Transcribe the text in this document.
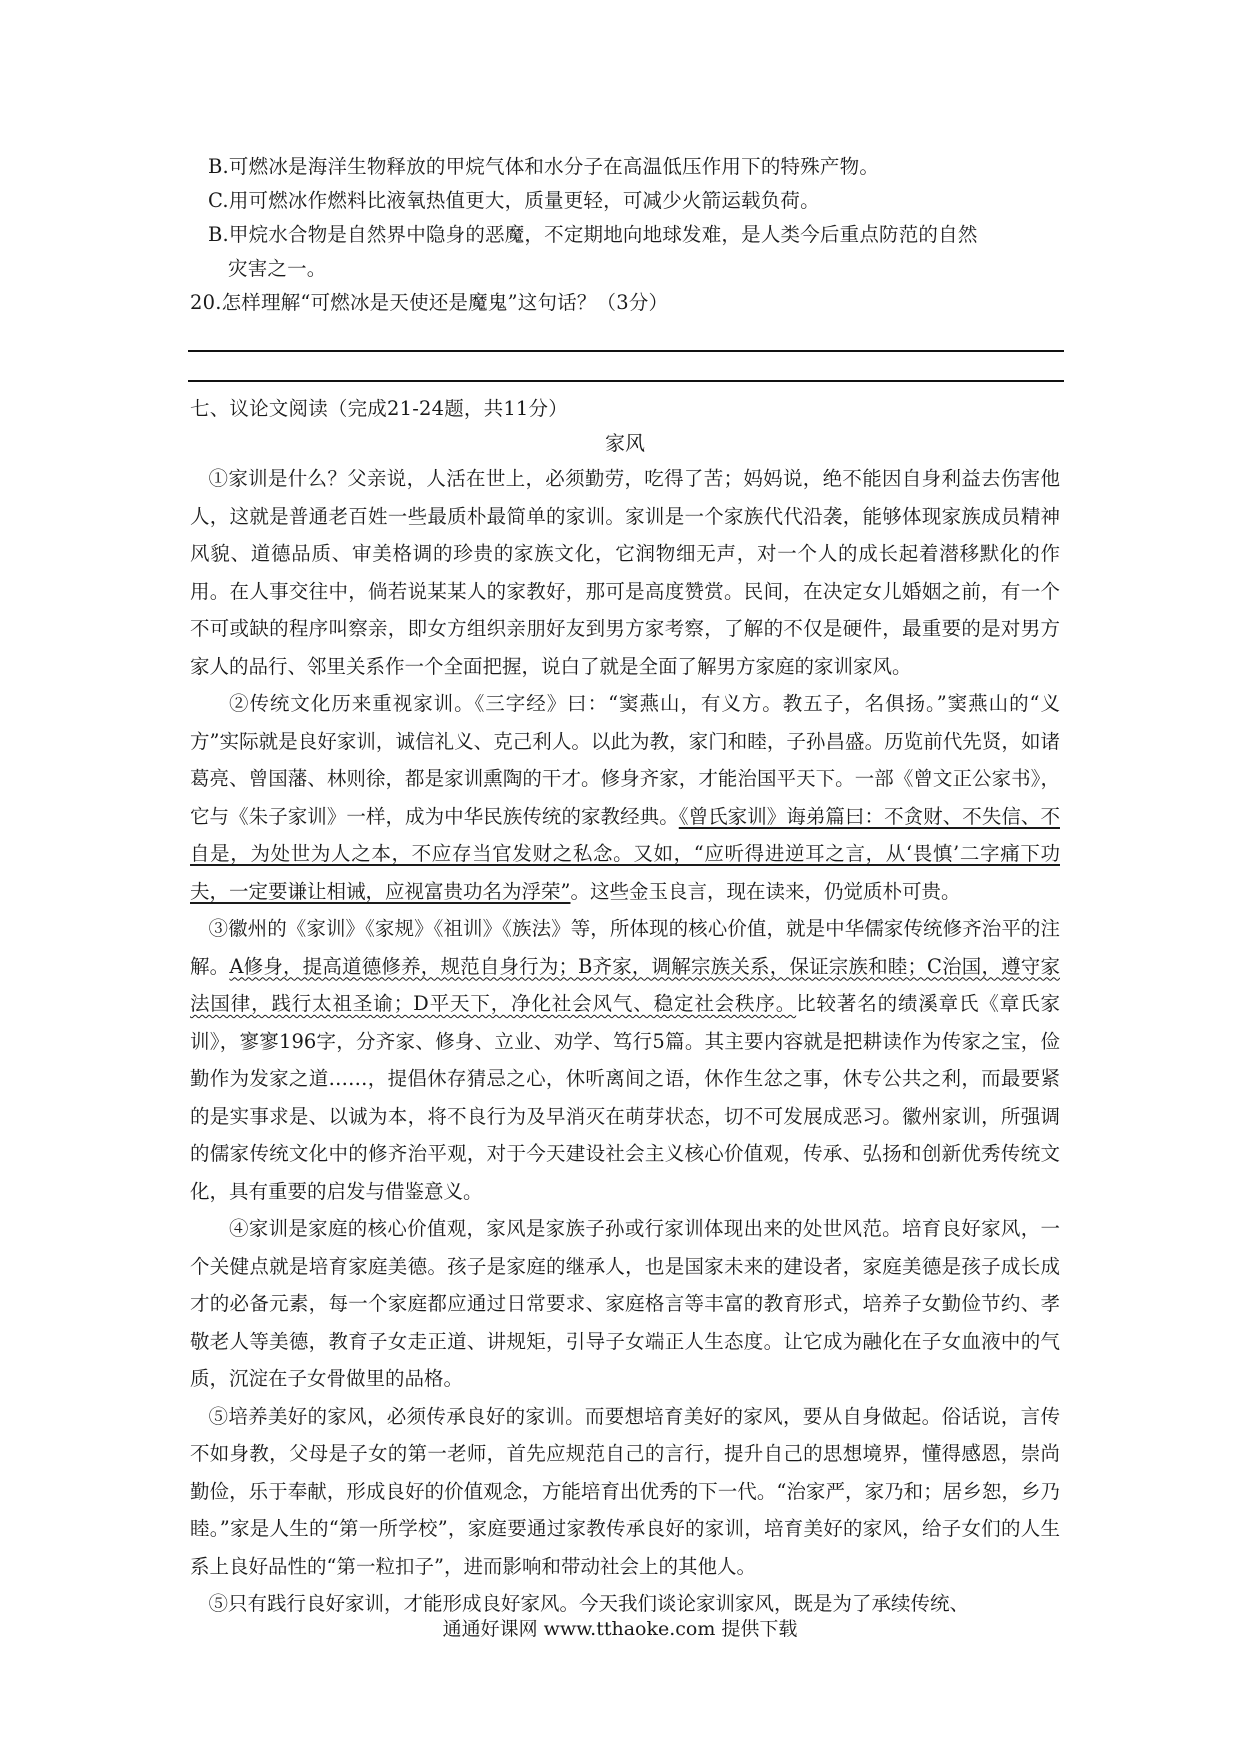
B.可燃冰是海洋生物释放的甲烷气体和水分子在高温低压作用下的特殊产物。

C.用可燃冰作燃料比液氧热值更大，质量更轻，可减少火箭运载负荷。

B.甲烷水合物是自然界中隐身的恶魔，不定期地向地球发难，是人类今后重点防范的自然

灾害之一。

20.怎样理解“可燃冰是天使还是魔鬼”这句话？（3分）

七、议论文阅读（完成21-24题，共11分）

家风

①家训是什么？父亲说，人活在世上，必须勤劳，吃得了苦；妈妈说，绝不能因自身利益去伤害他人，这就是普通老百姓一些最质朴最简单的家训。家训是一个家族代代沿袭，能够体现家族成员精神风貌、道德品质、审美格调的珍贵的家族文化，它润物细无声，对一个人的成长起着潜移默化的作用。在人事交往中，倘若说某某人的家教好，那可是高度赞赏。民间，在决定女儿婚姻之前，有一个不可或缺的程序叫察亲，即女方组织亲朋好友到男方家考察，了解的不仅是硬件，最重要的是对男方家人的品行、邻里关系作一个全面把握，说白了就是全面了解男方家庭的家训家风。

②传统文化历来重视家训。《三字经》曰：“窦燕山，有义方。教五子，名俱扬。”窦燕山的“义方”实际就是良好家训，诚信礼义、克己利人。以此为教，家门和睦，子孙昌盛。历览前代先贤，如诸葛亮、曾国藩、林则徐，都是家训熏陶的干才。修身齐家，才能治国平天下。一部《曾文正公家书》，它与《朱子家训》一样，成为中华民族传统的家教经典。《曾氏家训》诲弟篇曰：不贪财、不失信、不自是，为处世为人之本，不应存当官发财之私念。又如，“应听得进逆耳之言，从‘畏慎’二字痛下功夫，一定要谦让相诫，应视富贵功名为浮荣”。这些金玉良言，现在读来，仍觉质朴可贵。

③徽州的《家训》《家规》《祖训》《族法》等，所体现的核心价值，就是中华儒家传统修齐治平的注解。A修身，提高道德修养，规范自身行为；B齐家，调解宗族关系，保证宗族和睦；C治国，遵守家法国律，践行太祖圣谕；D平天下，净化社会风气、稳定社会秩序。比较著名的绩溪章氏《章氏家训》，寥寥196字，分齐家、修身、立业、劝学、笃行5篇。其主要内容就是把耕读作为传家之宝，俭勤作为发家之道……，提倡休存猜忌之心，休听离间之语，休作生忿之事，休专公共之利，而最要紧的是实事求是、以诚为本，将不良行为及早消灭在萌芽状态，切不可发展成恶习。徽州家训，所强调的儒家传统文化中的修齐治平观，对于今天建设社会主义核心价值观，传承、弘扬和创新优秀传统文化，具有重要的启发与借鉴意义。

④家训是家庭的核心价值观，家风是家族子孙或行家训体现出来的处世风范。培育良好家风，一个关健点就是培育家庭美德。孩子是家庭的继承人，也是国家未来的建设者，家庭美德是孩子成长成才的必备元素，每一个家庭都应通过日常要求、家庭格言等丰富的教育形式，培养子女勤俭节约、孝敬老人等美德，教育子女走正道、讲规矩，引导子女端正人生态度。让它成为融化在子女血液中的气质，沉淀在子女骨做里的品格。

⑤培养美好的家风，必须传承良好的家训。而要想培育美好的家风，要从自身做起。俗话说，言传不如身教，父母是子女的第一老师，首先应规范自己的言行，提升自己的思想境界，懂得感恩，崇尚勤俭，乐于奉献，形成良好的价值观念，方能培育出优秀的下一代。“治家严，家乃和；居乡恕，乡乃睦。”家是人生的“第一所学校”，家庭要通过家教传承良好的家训，培育美好的家风，给子女们的人生系上良好品性的“第一粒扣子”，进而影响和带动社会上的其他人。

⑤只有践行良好家训，才能形成良好家风。今天我们谈论家训家风，既是为了承续传统、

通通好课网 www.tthaoke.com 提供下载
